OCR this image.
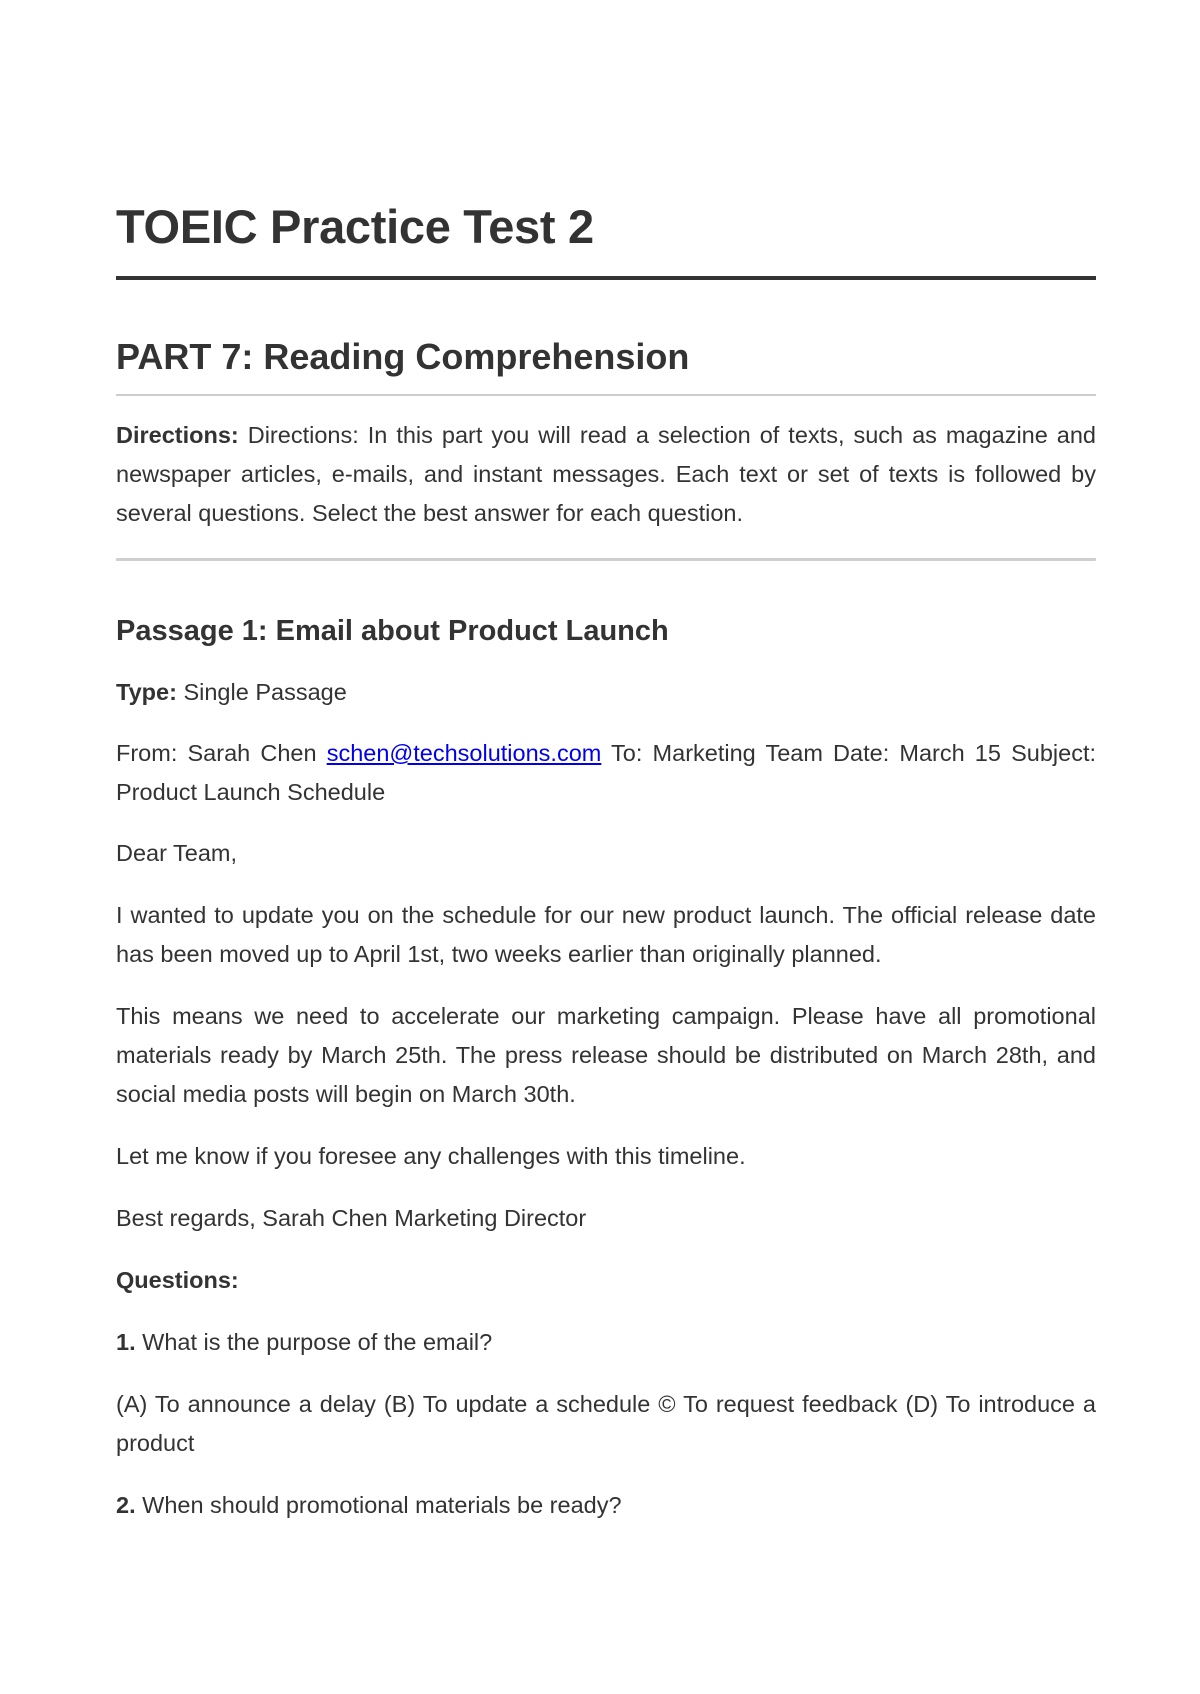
TOEIC Practice Test 2
PART 7: Reading Comprehension

Directions: Directions: In this part you will read a selection of texts, such as magazine and newspaper articles, e-mails, and instant messages. Each text or set of texts is followed by several questions. Select the best answer for each question.

Passage 1: Email about Product Launch

Type: Single Passage

From: Sarah Chen schen@techsolutions.com To: Marketing Team Date: March 15 Subject: Product Launch Schedule

Dear Team,

I wanted to update you on the schedule for our new product launch. The official release date has been moved up to April 1st, two weeks earlier than originally planned.

This means we need to accelerate our marketing campaign. Please have all promotional materials ready by March 25th. The press release should be distributed on March 28th, and social media posts will begin on March 30th.

Let me know if you foresee any challenges with this timeline.

Best regards, Sarah Chen Marketing Director

Questions:

1. What is the purpose of the email?

(A) To announce a delay (B) To update a schedule © To request feedback (D) To introduce a product

2. When should promotional materials be ready?
